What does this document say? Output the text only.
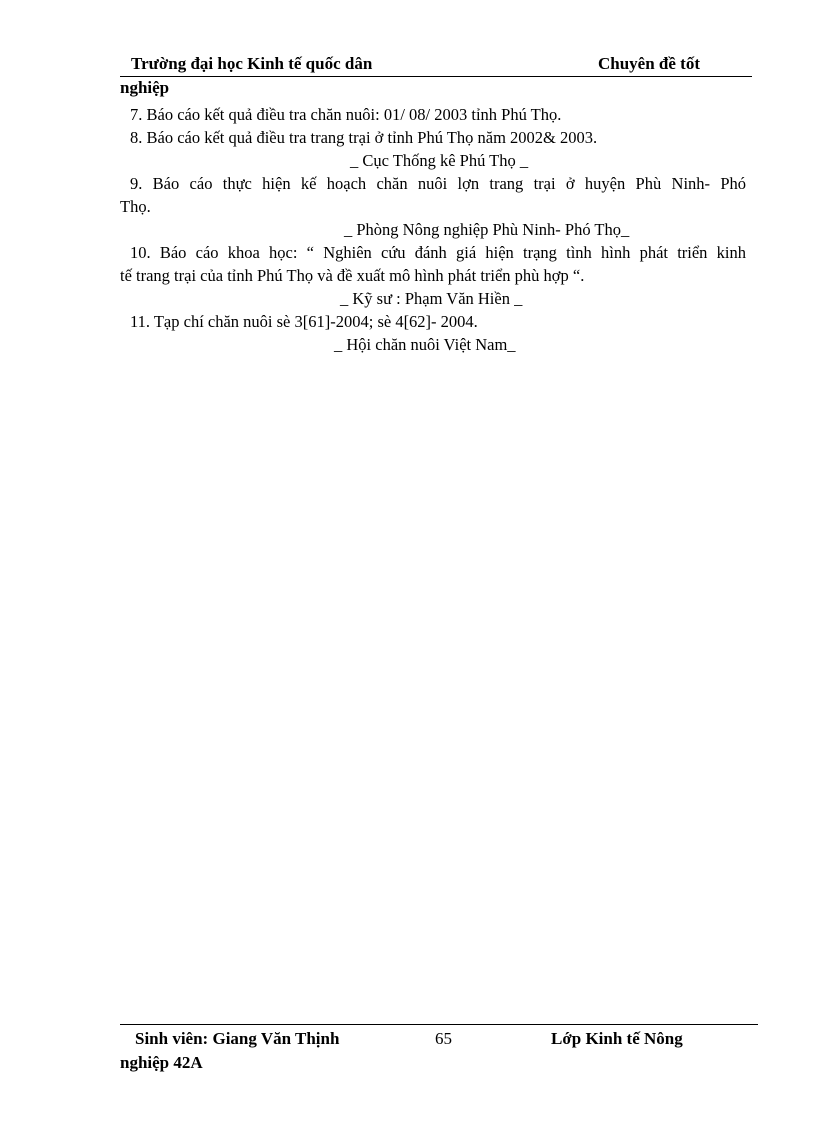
Trường đại học Kinh tế quốc dân	Chuyên đề tốt
nghiệp
7. Báo cáo kết quả điều tra chăn nuôi: 01/ 08/ 2003 tỉnh Phú Thọ.
8. Báo cáo kết quả điều tra trang trại ở tỉnh Phú Thọ năm 2002& 2003.
_ Cục Thống kê Phú Thọ _
9. Báo cáo thực hiện kế hoạch chăn nuôi lợn trang trại ở huyện Phù Ninh- Phó
Thọ.
_ Phòng Nông nghiệp Phù Ninh- Phó Thọ_
10. Báo cáo khoa học: “ Nghiên cứu đánh giá hiện trạng tình hình phát triển kinh
tế trang trại của tỉnh Phú Thọ và đề xuất mô hình phát triển phù hợp “.
_ Kỹ sư : Phạm Văn Hiền _
11. Tạp chí chăn nuôi sè 3[61]-2004; sè 4[62]- 2004.
_ Hội chăn nuôi Việt Nam_
Sinh viên: Giang Văn Thịnh	65	Lớp Kinh tế Nông
nghiệp 42A
